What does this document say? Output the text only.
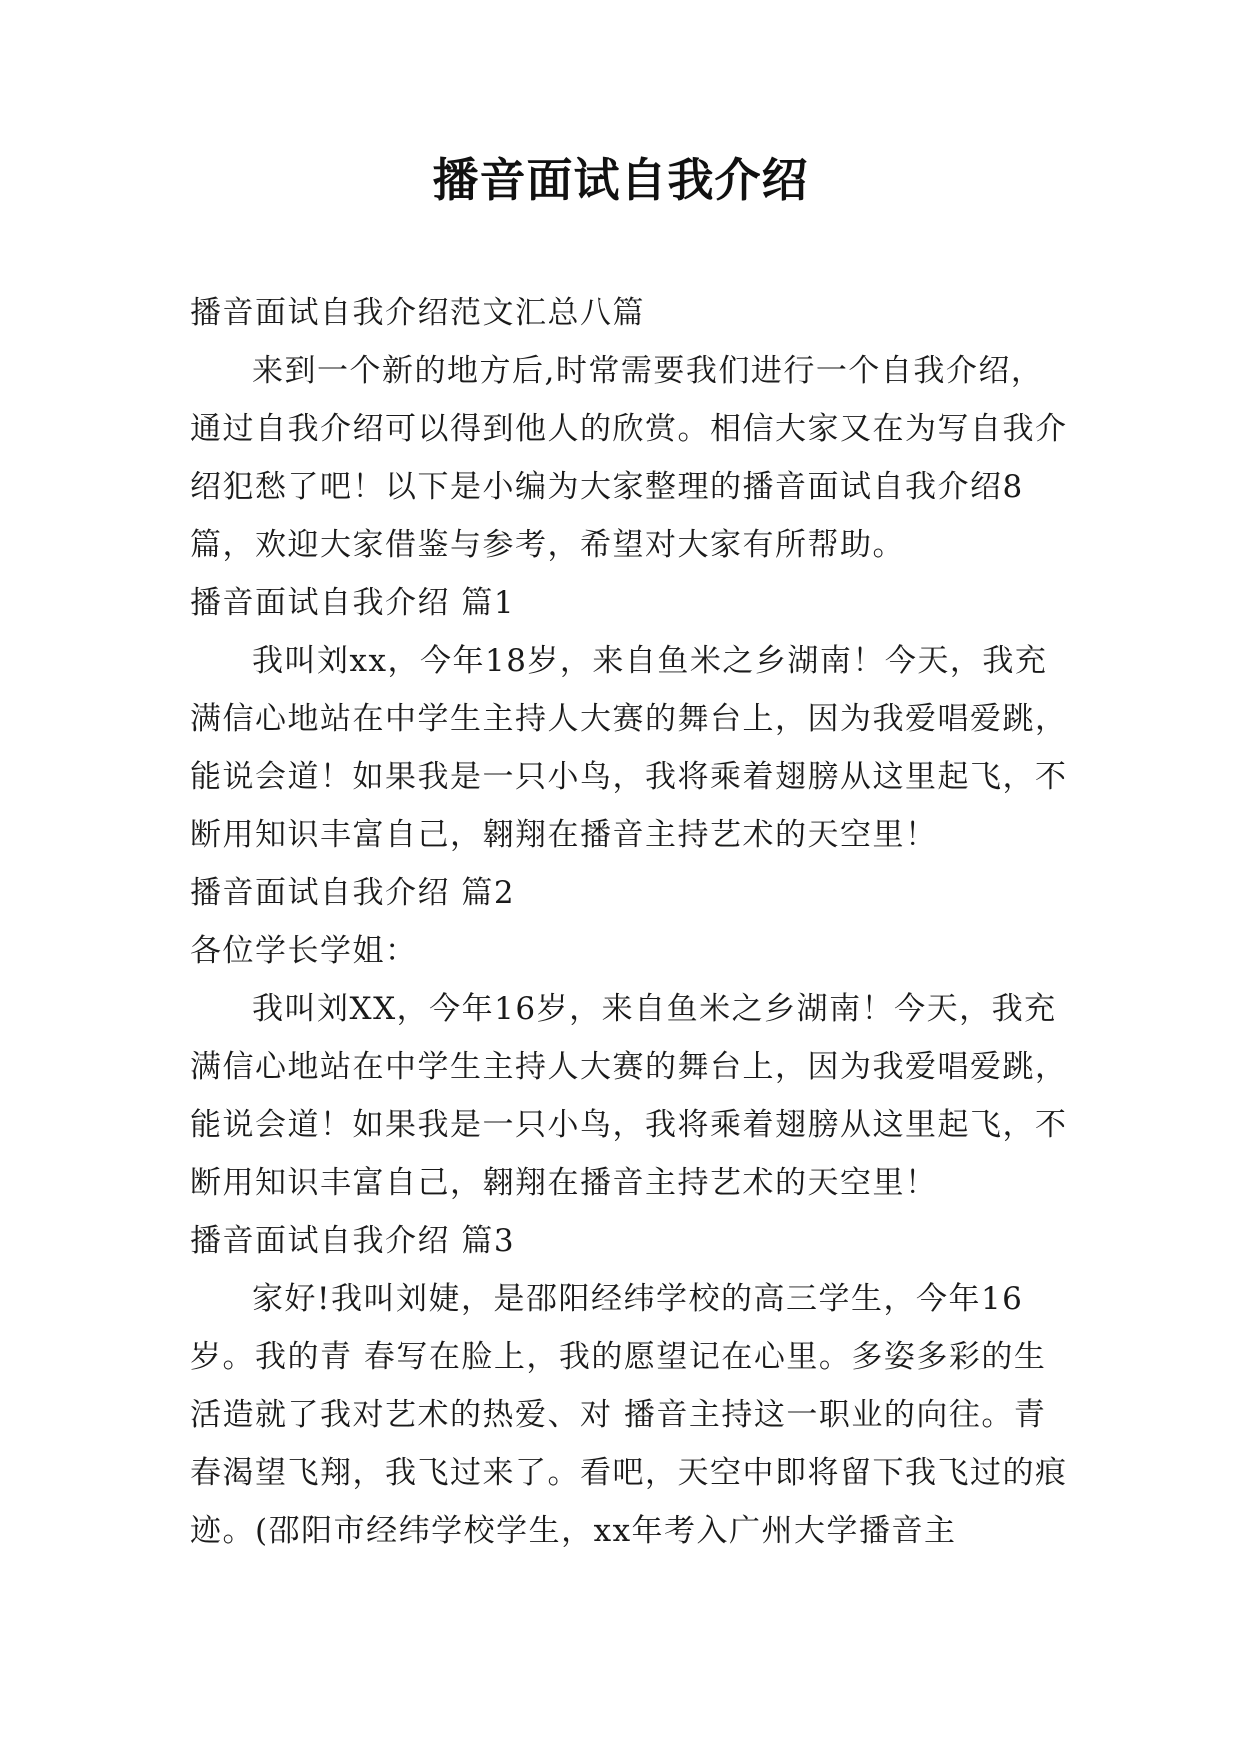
播音面试自我介绍

播音面试自我介绍范文汇总八篇

来到一个新的地方后,时常需要我们进行一个自我介绍，通过自我介绍可以得到他人的欣赏。相信大家又在为写自我介绍犯愁了吧！以下是小编为大家整理的播音面试自我介绍8篇，欢迎大家借鉴与参考，希望对大家有所帮助。

播音面试自我介绍 篇1

我叫刘xx，今年18岁，来自鱼米之乡湖南！今天，我充满信心地站在中学生主持人大赛的舞台上，因为我爱唱爱跳，能说会道！如果我是一只小鸟，我将乘着翅膀从这里起飞，不断用知识丰富自己，翱翔在播音主持艺术的天空里！

播音面试自我介绍 篇2

各位学长学姐：

我叫刘XX，今年16岁，来自鱼米之乡湖南！今天，我充满信心地站在中学生主持人大赛的舞台上，因为我爱唱爱跳，能说会道！如果我是一只小鸟，我将乘着翅膀从这里起飞，不断用知识丰富自己，翱翔在播音主持艺术的天空里！

播音面试自我介绍 篇3

家好!我叫刘婕，是邵阳经纬学校的高三学生，今年16岁。我的青 春写在脸上，我的愿望记在心里。多姿多彩的生活造就了我对艺术的热爱、对 播音主持这一职业的向往。青春渴望飞翔，我飞过来了。看吧，天空中即将留下我飞过的痕迹。(邵阳市经纬学校学生，xx年考入广州大学播音主
